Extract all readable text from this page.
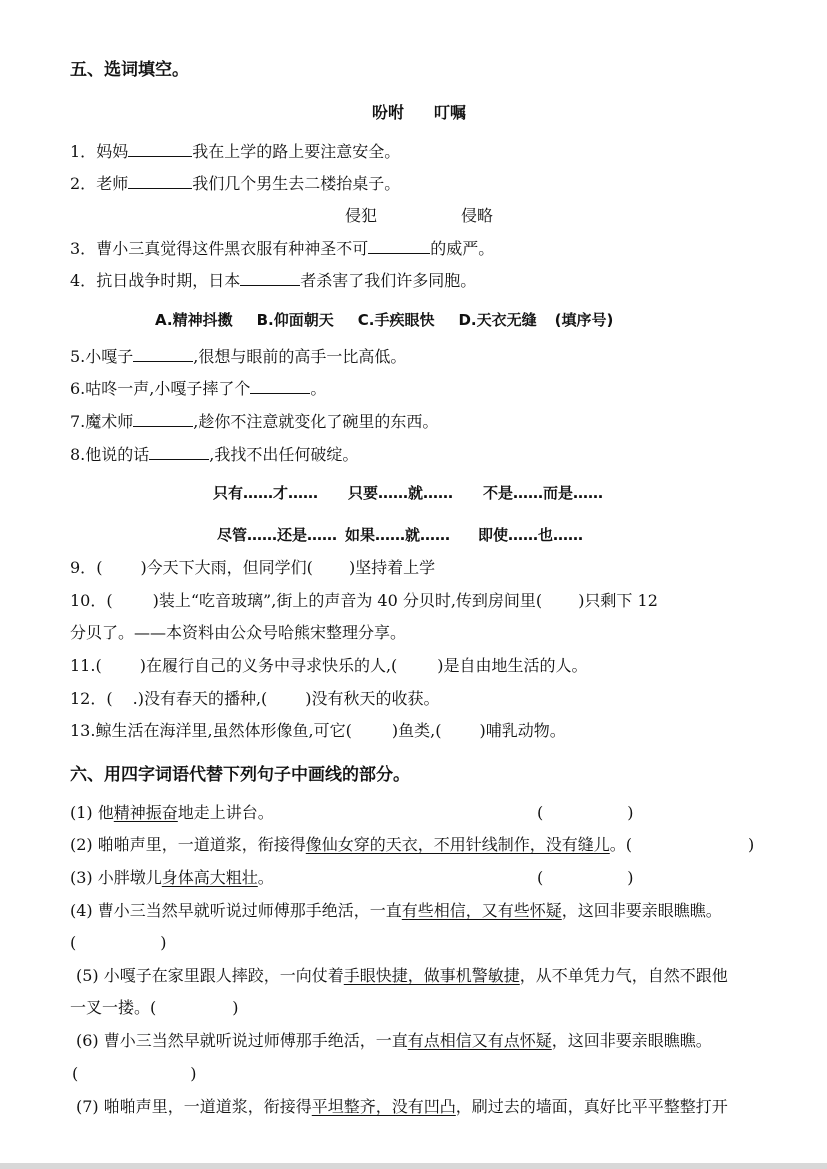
五、选词填空。
吩咐 叮嘱
1．妈妈	我在上学的路上要注意安全。
2．老师	我们几个男生去二楼抬桌子。
侵犯	侵略
3．曹小三真觉得这件黑衣服有种神圣不可	的威严。
4．抗日战争时期，日本	者杀害了我们许多同胞。
A.精神抖擞 B.仰面朝天 C.手疾眼快 D.天衣无缝 (填序号)
5.小嘎子	,很想与眼前的高手一比高低。
6.咕咚一声,小嘎子摔了个	。
7.魔术师	,趁你不注意就变化了碗里的东西。
8.他说的话	,我找不出任何破绽。
只有……才…… 只要……就…… 不是……而是……
尽管……还是…… 如果……就…… 即使……也……
9．( )今天下大雨，但同学们( )坚持着上学
10．(	)装上“吃音玻璃”,街上的声音为 40 分贝时,传到房间里( )只剩下 12
分贝了。——本资料由公众号哈熊宋整理分享。
11.( )在履行自己的义务中寻求快乐的人,(	)是自由地生活的人。
12．( .)没有春天的播种,( )没有秋天的收获。
13.鲸生活在海洋里,虽然体形像鱼,可它(	)鱼类,( )哺乳动物。
六、用四字词语代替下列句子中画线的部分。
(1) 他精神振奋地走上讲台。	(	)
(2) 啪啪声里，一道道浆，衔接得像仙女穿的天衣，不用针线制作，没有缝儿。(	)
(3) 小胖墩儿身体高大粗壮。	(	)
(4) 曹小三当然早就听说过师傅那手绝活，一直有些相信，又有些怀疑，这回非要亲眼瞧瞧。
(	)
(5) 小嘎子在家里跟人摔跤，一向仗着手眼快捷，做事机警敏捷，从不单凭力气，自然不跟他
一叉一搂。(	)
(6) 曹小三当然早就听说过师傅那手绝活，一直有点相信又有点怀疑，这回非要亲眼瞧瞧。
(	)
(7) 啪啪声里，一道道浆，衔接得平坦整齐，没有凹凸，刷过去的墙面，真好比平平整整打开
